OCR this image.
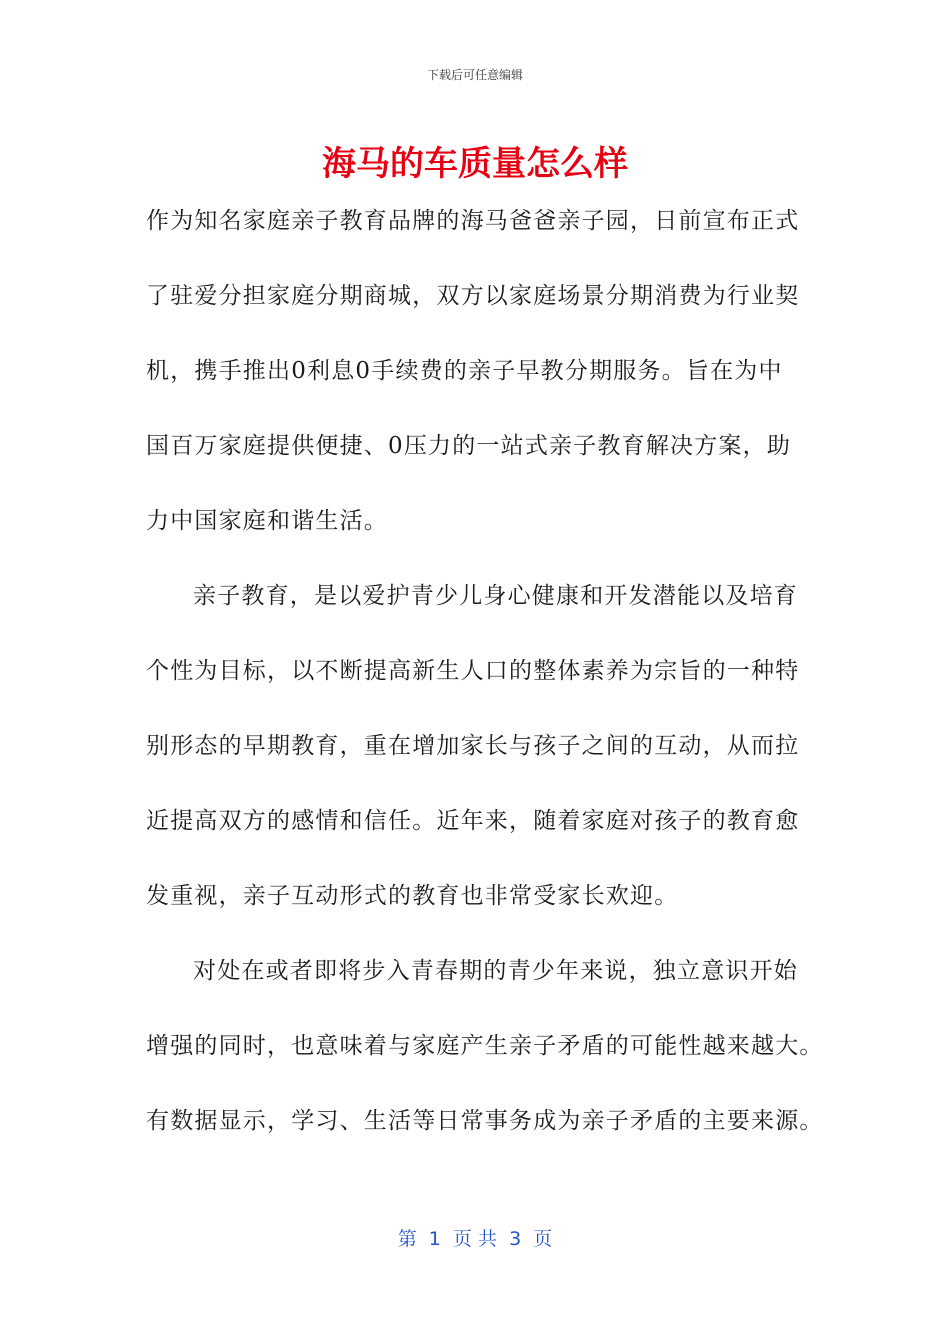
下载后可任意编辑
海马的车质量怎么样
作为知名家庭亲子教育品牌的海马爸爸亲子园，日前宣布正式
了驻爱分担家庭分期商城，双方以家庭场景分期消费为行业契
机，携手推出0利息0手续费的亲子早教分期服务。旨在为中
国百万家庭提供便捷、0压力的一站式亲子教育解决方案，助
力中国家庭和谐生活。
亲子教育，是以爱护青少儿身心健康和开发潜能以及培育
个性为目标，以不断提高新生人口的整体素养为宗旨的一种特
别形态的早期教育，重在增加家长与孩子之间的互动，从而拉
近提高双方的感情和信任。近年来，随着家庭对孩子的教育愈
发重视，亲子互动形式的教育也非常受家长欢迎。
对处在或者即将步入青春期的青少年来说，独立意识开始
增强的同时，也意味着与家庭产生亲子矛盾的可能性越来越大。
有数据显示，学习、生活等日常事务成为亲子矛盾的主要来源。
第  1  页 共  3  页
